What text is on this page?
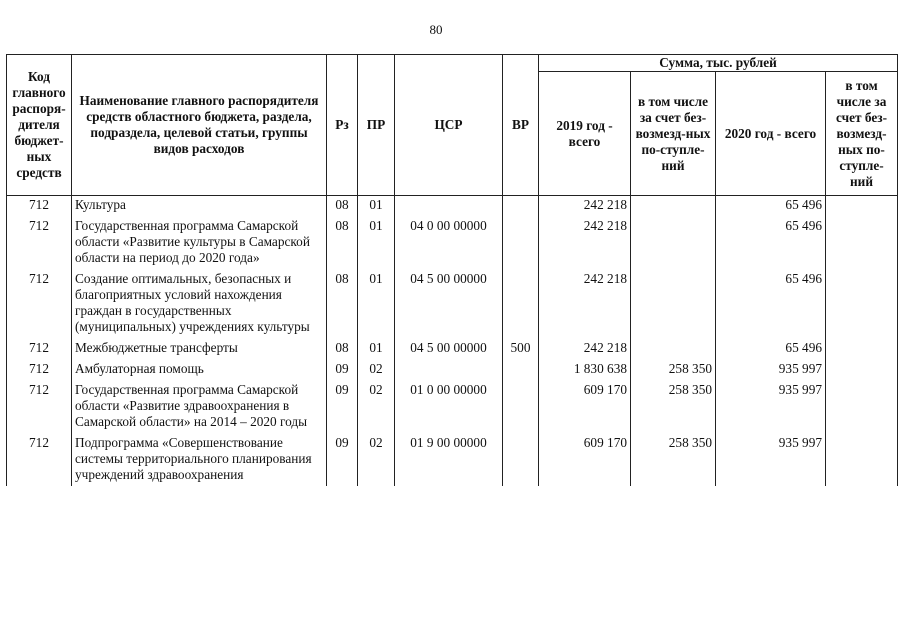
80
Код главного распоря-дителя бюджет-ных средств	Наименование главного распорядителя средств областного бюджета, раздела, подраздела, целевой статьи, группы видов расходов	Рз	ПР	ЦСР	ВР	Сумма, тыс. рублей			
						2019 год - всего	в том числе за счет без-возмезд-ных по-ступле-ний	2020 год - всего	в том числе за счет без-возмезд-ных по-ступле-ний
712	Культура	08	01			242 218		65 496	
712	Государственная программа Самарской области «Развитие культуры в Самарской области на период до 2020 года»	08	01	04 0 00 00000		242 218		65 496	
712	Создание оптимальных, безопасных и благоприятных условий нахождения граждан в государственных (муниципальных) учреждениях культуры	08	01	04 5 00 00000		242 218		65 496	
712	Межбюджетные трансферты	08	01	04 5 00 00000	500	242 218		65 496	
712	Амбулаторная помощь	09	02			1 830 638	258 350	935 997	
712	Государственная программа Самарской области «Развитие здравоохранения в Самарской области» на 2014 – 2020 годы	09	02	01 0 00 00000		609 170	258 350	935 997	
712	Подпрограмма «Совершенствование системы территориального планирования учреждений здравоохранения	09	02	01 9 00 00000		609 170	258 350	935 997	
